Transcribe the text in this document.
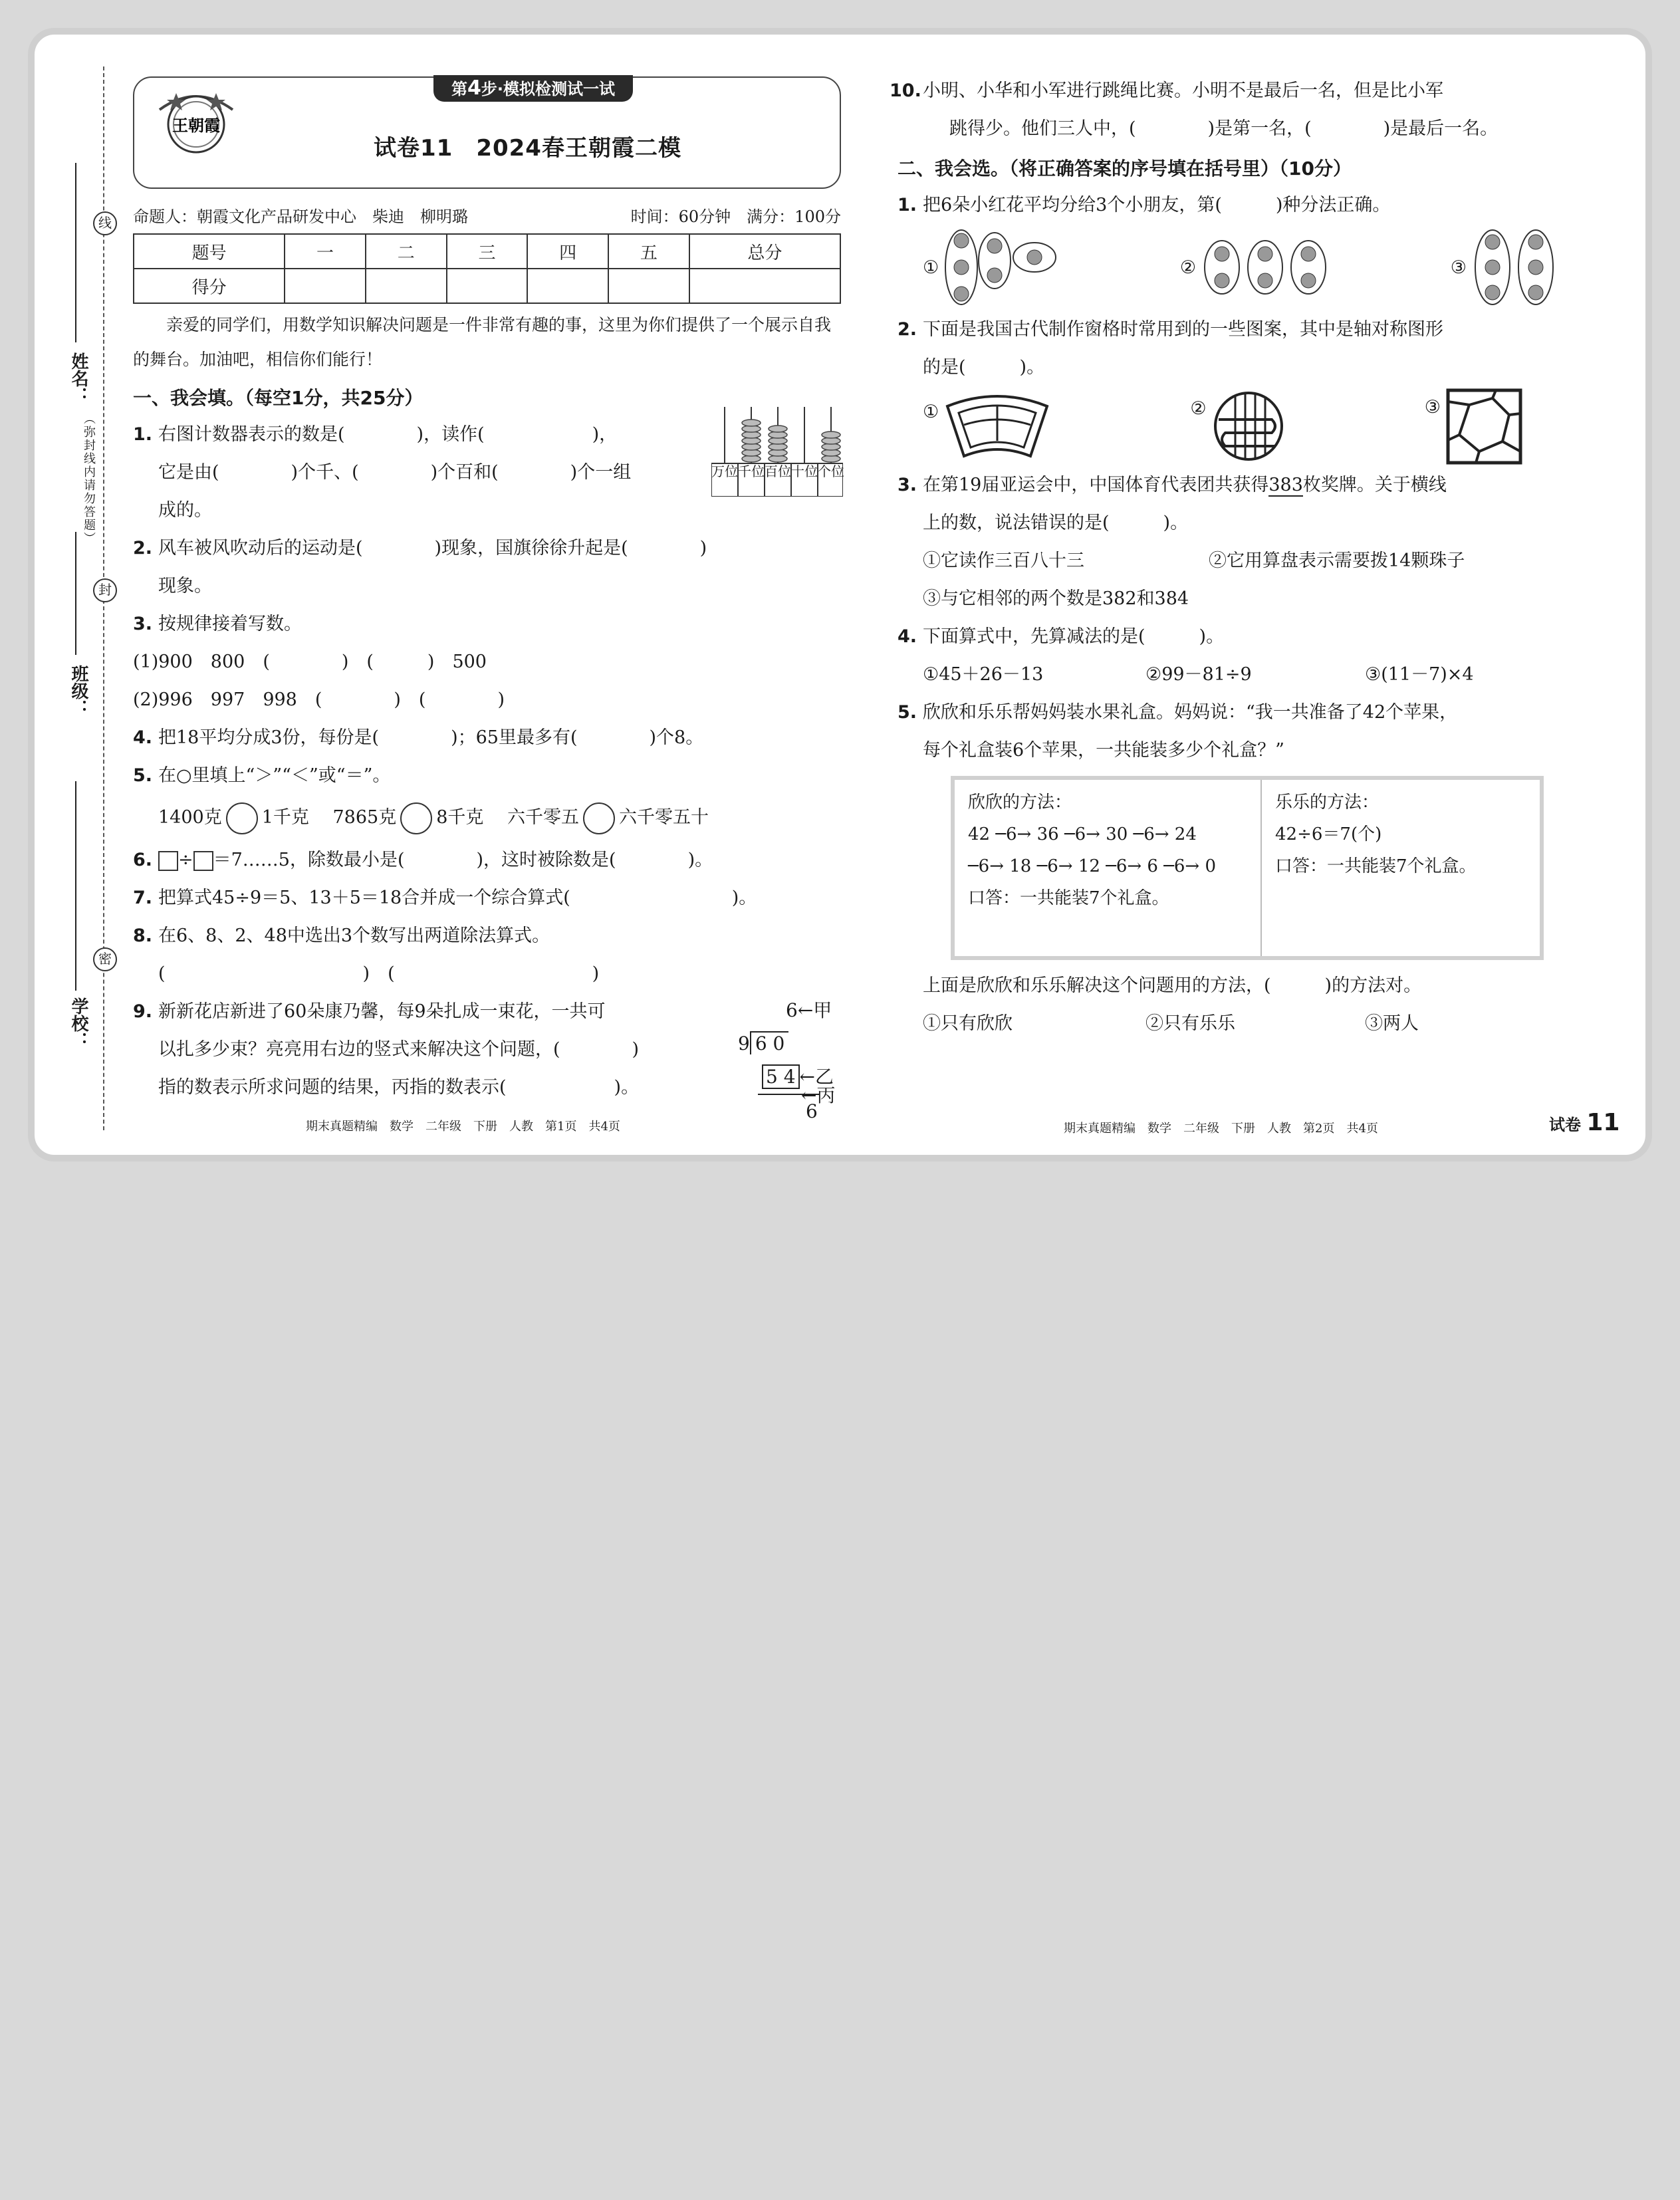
线
封
密
姓名：
班级：
学校：
（弥封线内请勿答题）
王朝霞
第4步·模拟检测试一试
试卷11　2024春王朝霞二模
命题人：朝霞文化产品研发中心　柴迪　柳明璐	时间：60分钟　满分：100分
题号	一	二	三	四	五	总分
得分						

亲爱的同学们，用数学知识解决问题是一件非常有趣的事，这里为你们提供了一个展示自我的舞台。加油吧，相信你们能行！

一、我会填。（每空1分，共25分）

1. 右图计数器表示的数是(　　　　)，读作(　　　　　　)，

它是由(　　　　)个千、(　　　　)个百和(　　　　)个一组

成的。

2. 风车被风吹动后的运动是(　　　　)现象，国旗徐徐升起是(　　　　)

现象。

3. 按规律接着写数。

(1)900　800　(　　　　)　(　　　)　500

(2)996　997　998　(　　　　)　(　　　　)

4. 把18平均分成3份，每份是(　　　　)；65里最多有(　　　　)个8。

5. 在○里填上“＞”“＜”或“＝”。

1400克 1千克　 7865克 8千克　 六千零五 六千零五十

6. ÷ ＝7……5，除数最小是(　　　　)，这时被除数是(　　　　)。

7. 把算式45÷9＝5、13＋5＝18合并成一个综合算式(　　　　　　　　　)。

8. 在6、8、2、48中选出3个数写出两道除法算式。

(　　　　　　　　　　　)　(　　　　　　　　　　　)

9. 新新花店新进了60朵康乃馨，每9朵扎成一束花，一共可

以扎多少束？亮亮用右边的竖式来解决这个问题，(　　　　)

指的数表示所求问题的结果，丙指的数表示(　　　　　　)。

期末真题精编　数学　二年级　下册　人教　第1页　共4页
万位 千位 百位 十位 个位
6←甲
9 6 0
5 4 ←乙
6
←丙

10.小明、小华和小军进行跳绳比赛。小明不是最后一名，但是比小军

跳得少。他们三人中，(　　　　)是第一名，(　　　　)是最后一名。

二、我会选。（将正确答案的序号填在括号里）（10分）

1. 把6朵小红花平均分给3个小朋友，第(　　　)种分法正确。

①	②	③

2. 下面是我国古代制作窗格时常用到的一些图案，其中是轴对称图形

的是(　　　)。

①	②	③

3. 在第19届亚运会中，中国体育代表团共获得383枚奖牌。关于横线

上的数，说法错误的是(　　　)。

①它读作三百八十三	②它用算盘表示需要拨14颗珠子

③与它相邻的两个数是382和384

4. 下面算式中，先算减法的是(　　　)。

①45＋26－13	②99－81÷9	③(11－7)×4

5. 欣欣和乐乐帮妈妈装水果礼盒。妈妈说：“我一共准备了42个苹果，

每个礼盒装6个苹果，一共能装多少个礼盒？”

欣欣的方法：

42 ─6→ 36 ─6→ 30 ─6→ 24

─6→ 18 ─6→ 12 ─6→ 6 ─6→ 0

口答：一共能装7个礼盒。

乐乐的方法：

42÷6＝7(个)

口答：一共能装7个礼盒。

上面是欣欣和乐乐解决这个问题用的方法，(　　　)的方法对。

①只有欣欣	②只有乐乐	③两人

期末真题精编　数学　二年级　下册　人教　第2页　共4页	试卷 11
